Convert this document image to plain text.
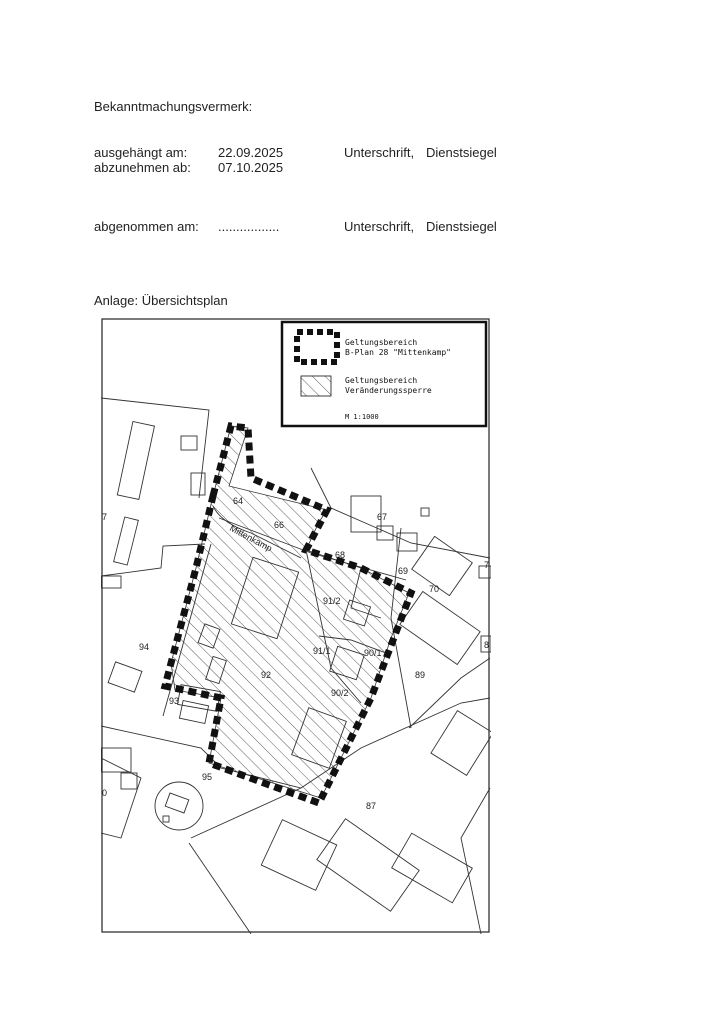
Bekanntmachungsvermerk:
ausgehängt am: 22.09.2025
abzunehmen ab: 07.10.2025
Unterschrift, Dienstsiegel
abgenommen am: .................	Unterschrift, Dienstsiegel
Anlage: Übersichtsplan
Geltungsbereich
B-Plan 28 "Mittenkamp"
Geltungsbereich
Veränderungssperre
M 1:1000
Mittenkamp
64
66
67
68
69
70
7
8
91/2
90/1
91/1
90/2
89
92
93
94
95
87
7
0
